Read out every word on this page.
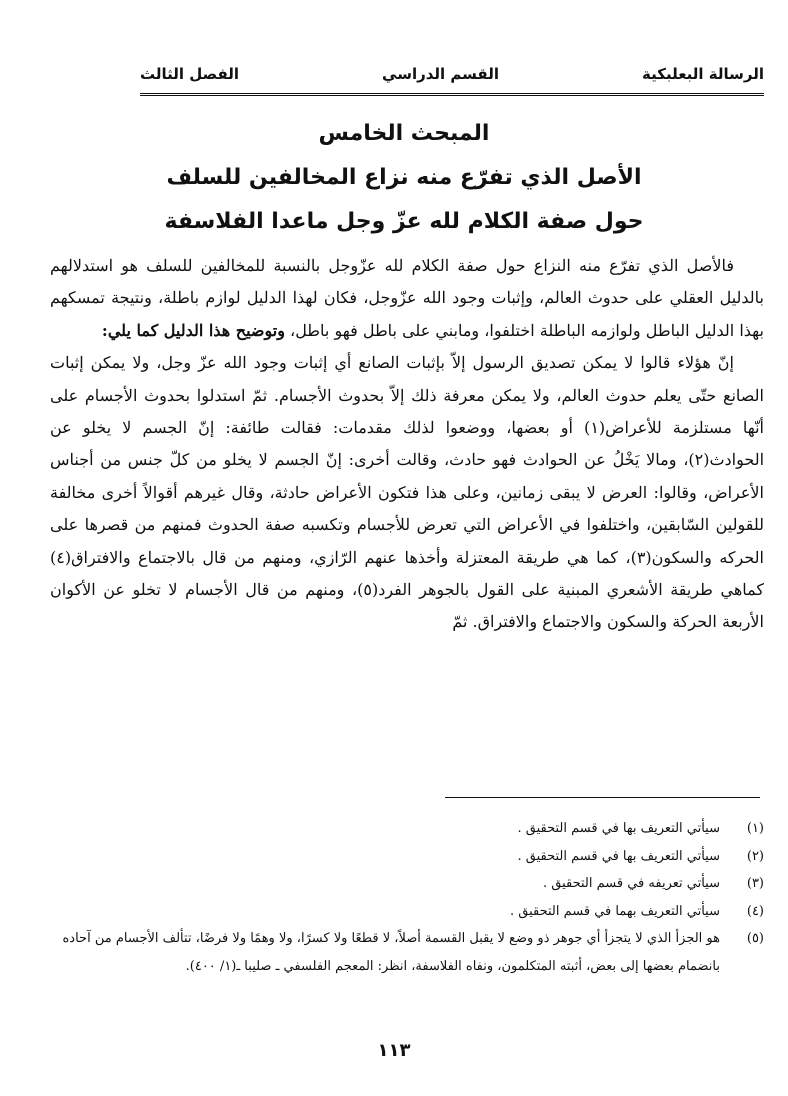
الرسالة البعلبكية
القسم الدراسي
الفصل الثالث
المبحث الخامس
الأصل الذي تفرّع منه نزاع المخالفين للسلف
حول صفة الكلام لله عزّ وجل ماعدا الفلاسفة

فالأصل الذي تفرّع منه النزاع حول صفة الكلام لله عزّوجل بالنسبة للمخالفين للسلف هو استدلالهم بالدليل العقلي على حدوث العالم، وإثبات وجود الله عزّوجل، فكان لهذا الدليل لوازم باطلة، ونتيجة تمسكهم بهذا الدليل الباطل ولوازمه الباطلة اختلفوا، ومابني على باطل فهو باطل، وتوضيح هذا الدليل كما يلي:

إنّ هؤلاء قالوا لا يمكن تصديق الرسول إلاّ بإثبات الصانع أي إثبات وجود الله عزّ وجل، ولا يمكن إثبات الصانع حتّى يعلم حدوث العالم، ولا يمكن معرفة ذلك إلاّ بحدوث الأجسام. ثمّ استدلوا بحدوث الأجسام على أنّها مستلزمة للأعراض(١) أو بعضها، ووضعوا لذلك مقدمات: فقالت طائفة: إنّ الجسم لا يخلو عن الحوادث(٢)، ومالا يَخْلُ عن الحوادث فهو حادث، وقالت أخرى: إنّ الجسم لا يخلو من كلّ جنس من أجناس الأعراض، وقالوا: العرض لا يبقى زمانين، وعلى هذا فتكون الأعراض حادثة، وقال غيرهم أقوالاً أخرى مخالفة للقولين السّابقين، واختلفوا في الأعراض التي تعرض للأجسام وتكسبه صفة الحدوث فمنهم من قصرها على الحركه والسكون(٣)، كما هي طريقة المعتزلة وأخذها عنهم الرّازي، ومنهم من قال بالاجتماع والافتراق(٤) كماهي طريقة الأشعري المبنية على القول بالجوهر الفرد(٥)، ومنهم من قال الأجسام لا تخلو عن الأكوان الأربعة الحركة والسكون والاجتماع والافتراق. ثمّ

(١)
سيأتي التعريف بها في قسم التحقيق .
(٢)
سيأتي التعريف بها في قسم التحقيق .
(٣)
سيأتي تعريفه في قسم التحقيق .
(٤)
سيأتي التعريف بهما في قسم التحقيق .
(٥)
هو الجزأ الذي لا يتجزأ أي جوهر ذو وضع لا يقبل القسمة أصلاً، لا قطعًا ولا كسرًا، ولا وهمًا ولا فرضًا، تتألف الأجسام من آحاده بانضمام بعضها إلى بعض، أثبته المتكلمون، ونفاه الفلاسفة، انظر: المعجم الفلسفي ـ صليبا ـ(١/ ٤٠٠).
١١٣
